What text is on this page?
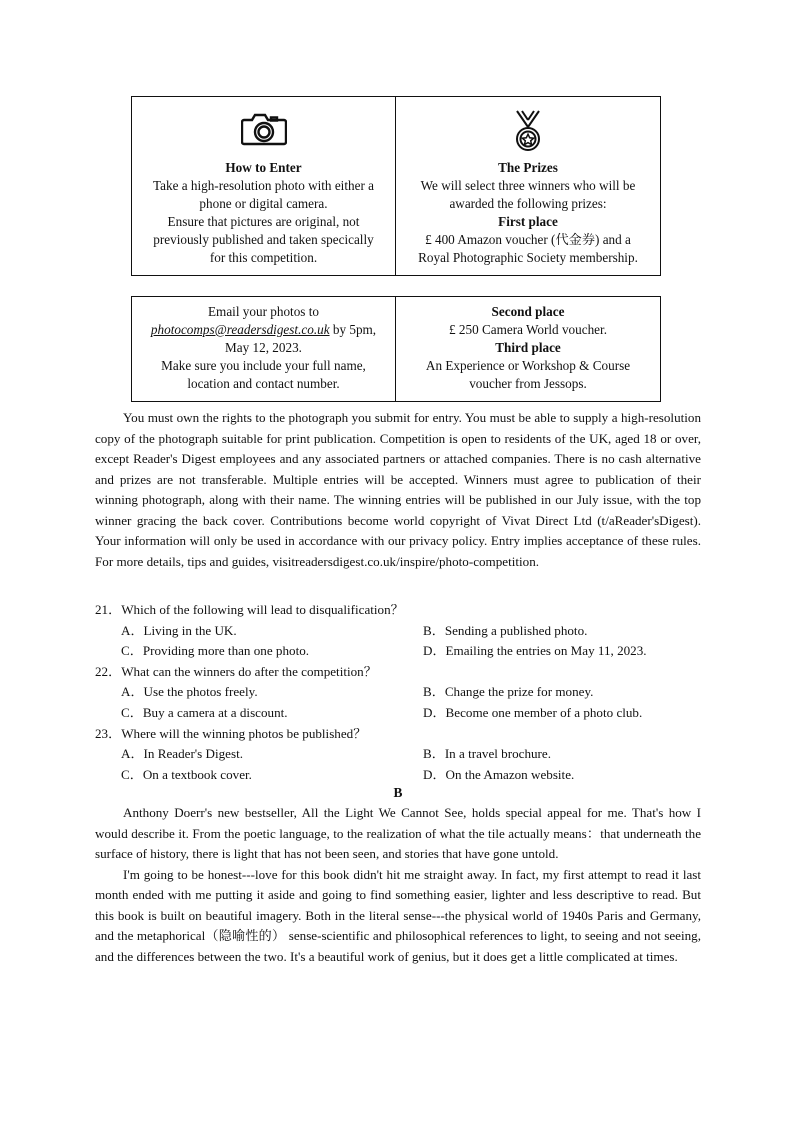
How to Enter
Take a high-resolution photo with either a
phone or digital camera.
Ensure that pictures are original, not
previously published and taken specically
for this competition.
The Prizes
We will select three winners who will be
awarded the following prizes:
First place
£ 400 Amazon voucher (代金券) and a
Royal Photographic Society membership.
Email your photos to
photocomps@readersdigest.co.uk by 5pm,
May 12, 2023.
Make sure you include your full name,
location and contact number.
Second place
£ 250 Camera World voucher.
Third place
An Experience or Workshop & Course
voucher from Jessops.

You must own the rights to the photograph you submit for entry. You must be able to supply a high-resolution copy of the photograph suitable for print publication. Competition is open to residents of the UK, aged 18 or over, except Reader's Digest employees and any associated partners or attached companies. There is no cash alternative and prizes are not transferable. Multiple entries will be accepted. Winners must agree to publication of their winning photograph, along with their name. The winning entries will be published in our July issue, with the top winner gracing the back cover. Contributions become world copyright of Vivat Direct Ltd (t/aReader'sDigest). Your information will only be used in accordance with our privacy policy. Entry implies acceptance of these rules. For more details, tips and guides, visitreadersdigest.co.uk/inspire/photo-competition.

21．Which of the following will lead to disqualification？

A．Living in the UK.	B．Sending a published photo.
C．Providing more than one photo.	D．Emailing the entries on May 11, 2023.

22．What can the winners do after the competition？

A．Use the photos freely.	B．Change the prize for money.
C．Buy a camera at a discount.	D．Become one member of a photo club.

23．Where will the winning photos be published？

A．In Reader's Digest.	B．In a travel brochure.
C．On a textbook cover.	D．On the Amazon website.

B

Anthony Doerr's new bestseller, All the Light We Cannot See, holds special appeal for me. That's how I would describe it. From the poetic language, to the realization of what the tile actually means：that underneath the surface of history, there is light that has not been seen, and stories that have gone untold.

I'm going to be honest---love for this book didn't hit me straight away. In fact, my first attempt to read it last month ended with me putting it aside and going to find something easier, lighter and less descriptive to read. But this book is built on beautiful imagery. Both in the literal sense---the physical world of 1940s Paris and Germany, and the metaphorical（隐喻性的） sense-scientific and philosophical references to light, to seeing and not seeing, and the differences between the two. It's a beautiful work of genius, but it does get a little complicated at times.
